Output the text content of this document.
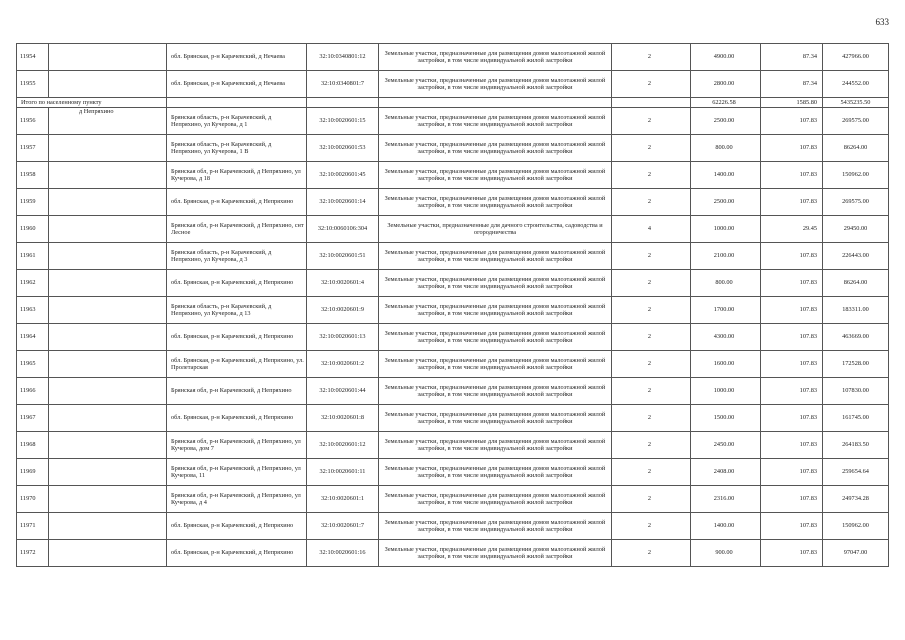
633
11954		обл. Брянская, р-н Карачевский, д Нечаева	32:10:0340801:12	Земельные участки, предназначенные для размещения домов малоэтажной жилой застройки, в том числе индивидуальной жилой застройки	2	4900.00	87.34	427966.00
11955		обл. Брянская, р-н Карачевский, д Нечаева	32:10:0340801:7	Земельные участки, предназначенные для размещения домов малоэтажной жилой застройки, в том числе индивидуальной жилой застройки	2	2800.00	87.34	244552.00
Итого по населенному пункту						62226.58	1585.80	5435235.50
11956	д Непряхино	Брянская область, р-н Карачевский, д Непряхино, ул Кучерова, д 1	32:10:0020601:15	Земельные участки, предназначенные для размещения домов малоэтажной жилой застройки, в том числе индивидуальной жилой застройки	2	2500.00	107.83	269575.00
11957		Брянская область, р-н Карачевский, д Непряхино, ул Кучерова, 1 В	32:10:0020601:53	Земельные участки, предназначенные для размещения домов малоэтажной жилой застройки, в том числе индивидуальной жилой застройки	2	800.00	107.83	86264.00
11958		Брянская обл, р-н Карачевский, д Непряхино, ул Кучерова, д 18	32:10:0020601:45	Земельные участки, предназначенные для размещения домов малоэтажной жилой застройки, в том числе индивидуальной жилой застройки	2	1400.00	107.83	150962.00
11959		обл. Брянская, р-н Карачевский, д Непряхино	32:10:0020601:14	Земельные участки, предназначенные для размещения домов малоэтажной жилой застройки, в том числе индивидуальной жилой застройки	2	2500.00	107.83	269575.00
11960		Брянская обл, р-н Карачевский, д Непряхино, снт Лесное	32:10:0060106:304	Земельные участки, предназначенные для дачного строительства, садоводства и огородничества	4	1000.00	29.45	29450.00
11961		Брянская область, р-н Карачевский, д Непряхино, ул Кучерова, д 3	32:10:0020601:51	Земельные участки, предназначенные для размещения домов малоэтажной жилой застройки, в том числе индивидуальной жилой застройки	2	2100.00	107.83	226443.00
11962		обл. Брянская, р-н Карачевский, д Непряхино	32:10:0020601:4	Земельные участки, предназначенные для размещения домов малоэтажной жилой застройки, в том числе индивидуальной жилой застройки	2	800.00	107.83	86264.00
11963		Брянская область, р-н Карачевский, д Непряхино, ул Кучерова, д 13	32:10:0020601:9	Земельные участки, предназначенные для размещения домов малоэтажной жилой застройки, в том числе индивидуальной жилой застройки	2	1700.00	107.83	183311.00
11964		обл. Брянская, р-н Карачевский, д Непряхино	32:10:0020601:13	Земельные участки, предназначенные для размещения домов малоэтажной жилой застройки, в том числе индивидуальной жилой застройки	2	4300.00	107.83	463669.00
11965		обл. Брянская, р-н Карачевский, д Непряхино, ул. Пролетарская	32:10:0020601:2	Земельные участки, предназначенные для размещения домов малоэтажной жилой застройки, в том числе индивидуальной жилой застройки	2	1600.00	107.83	172528.00
11966		Брянская обл, р-н Карачевский, д Непряхино	32:10:0020601:44	Земельные участки, предназначенные для размещения домов малоэтажной жилой застройки, в том числе индивидуальной жилой застройки	2	1000.00	107.83	107830.00
11967		обл. Брянская, р-н Карачевский, д Непряхино	32:10:0020601:8	Земельные участки, предназначенные для размещения домов малоэтажной жилой застройки, в том числе индивидуальной жилой застройки	2	1500.00	107.83	161745.00
11968		Брянская обл, р-н Карачевский, д Непряхино, ул Кучерова, дом 7	32:10:0020601:12	Земельные участки, предназначенные для размещения домов малоэтажной жилой застройки, в том числе индивидуальной жилой застройки	2	2450.00	107.83	264183.50
11969		Брянская обл, р-н Карачевский, д Непряхино, ул Кучерова, 11	32:10:0020601:11	Земельные участки, предназначенные для размещения домов малоэтажной жилой застройки, в том числе индивидуальной жилой застройки	2	2408.00	107.83	259654.64
11970		Брянская обл, р-н Карачевский, д Непряхино, ул Кучерова, д 4	32:10:0020601:1	Земельные участки, предназначенные для размещения домов малоэтажной жилой застройки, в том числе индивидуальной жилой застройки	2	2316.00	107.83	249734.28
11971		обл. Брянская, р-н Карачевский, д Непряхино	32:10:0020601:7	Земельные участки, предназначенные для размещения домов малоэтажной жилой застройки, в том числе индивидуальной жилой застройки	2	1400.00	107.83	150962.00
11972		обл. Брянская, р-н Карачевский, д Непряхино	32:10:0020601:16	Земельные участки, предназначенные для размещения домов малоэтажной жилой застройки, в том числе индивидуальной жилой застройки	2	900.00	107.83	97047.00
